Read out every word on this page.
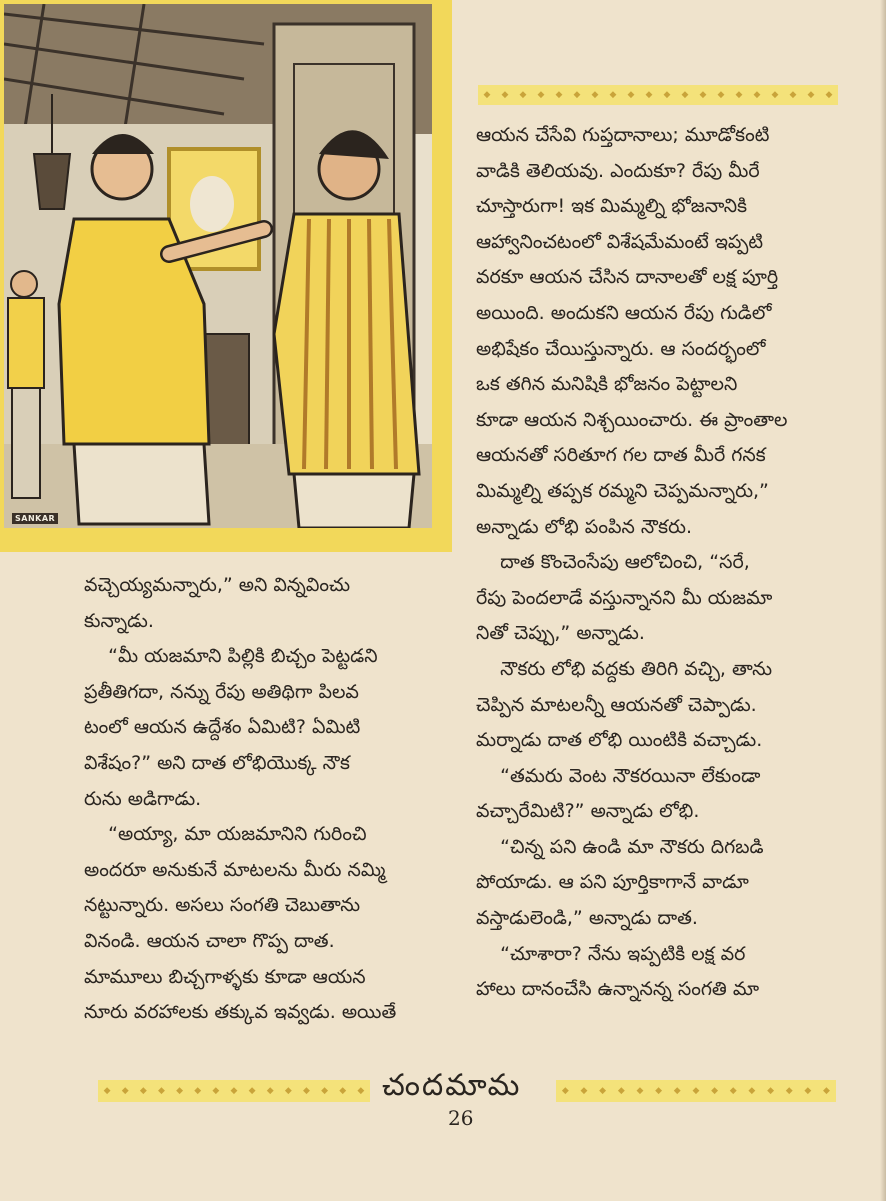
SANKAR
◆ ◆ ◆ ◆ ◆ ◆ ◆ ◆ ◆ ◆ ◆ ◆ ◆ ◆ ◆ ◆ ◆ ◆ ◆ ◆

ఆయన చేసేవి గుప్తదానాలు; మూడోకంటి

వాడికి తెలియవు. ఎందుకూ? రేపు మీరే

చూస్తారుగా! ఇక మిమ్మల్ని భోజనానికి

ఆహ్వానించటంలో విశేషమేమంటే ఇప్పటి

వరకూ ఆయన చేసిన దానాలతో లక్ష పూర్తి

అయింది. అందుకని ఆయన రేపు గుడిలో

అభిషేకం చేయిస్తున్నారు. ఆ సందర్భంలో

ఒక తగిన మనిషికి భోజనం పెట్టాలని

కూడా ఆయన నిశ్చయించారు. ఈ ప్రాంతాల

ఆయనతో సరితూగ గల దాత మీరే గనక

మిమ్మల్ని తప్పక రమ్మని చెప్పమన్నారు,”

అన్నాడు లోభి పంపిన నౌకరు.

దాత కొంచెంసేపు ఆలోచించి, “సరే,

రేపు పెందలాడే వస్తున్నానని మీ యజమా

నితో చెప్పు,” అన్నాడు.

నౌకరు లోభి వద్దకు తిరిగి వచ్చి, తాను

చెప్పిన మాటలన్నీ ఆయనతో చెప్పాడు.

మర్నాడు దాత లోభి యింటికి వచ్చాడు.

“తమరు వెంట నౌకరయినా లేకుండా

వచ్చారేమిటి?” అన్నాడు లోభి.

“చిన్న పని ఉండి మా నౌకరు దిగబడి

పోయాడు. ఆ పని పూర్తికాగానే వాడూ

వస్తాడులెండి,” అన్నాడు దాత.

“చూశారా? నేను ఇప్పటికి లక్ష వర

హాలు దానంచేసి ఉన్నానన్న సంగతి మా

వచ్చెయ్యమన్నారు,” అని విన్నవించు

కున్నాడు.

“మీ యజమాని పిల్లికి బిచ్చం పెట్టడని

ప్రతీతిగదా, నన్ను రేపు అతిథిగా పిలవ

టంలో ఆయన ఉద్దేశం ఏమిటి? ఏమిటి

విశేషం?” అని దాత లోభియొక్క నౌక

రును అడిగాడు.

“అయ్యా, మా యజమానిని గురించి

అందరూ అనుకునే మాటలను మీరు నమ్మి

నట్టున్నారు. అసలు సంగతి చెబుతాను

వినండి. ఆయన చాలా గొప్ప దాత.

మామూలు బిచ్చగాళ్ళకు కూడా ఆయన

నూరు వరహాలకు తక్కువ ఇవ్వడు. అయితే

◆ ◆ ◆ ◆ ◆ ◆ ◆ ◆ ◆ ◆ ◆ ◆ ◆ ◆ ◆ చందమామ	◆ ◆ ◆ ◆ ◆ ◆ ◆ ◆ ◆ ◆ ◆ ◆ ◆ ◆ ◆
26
